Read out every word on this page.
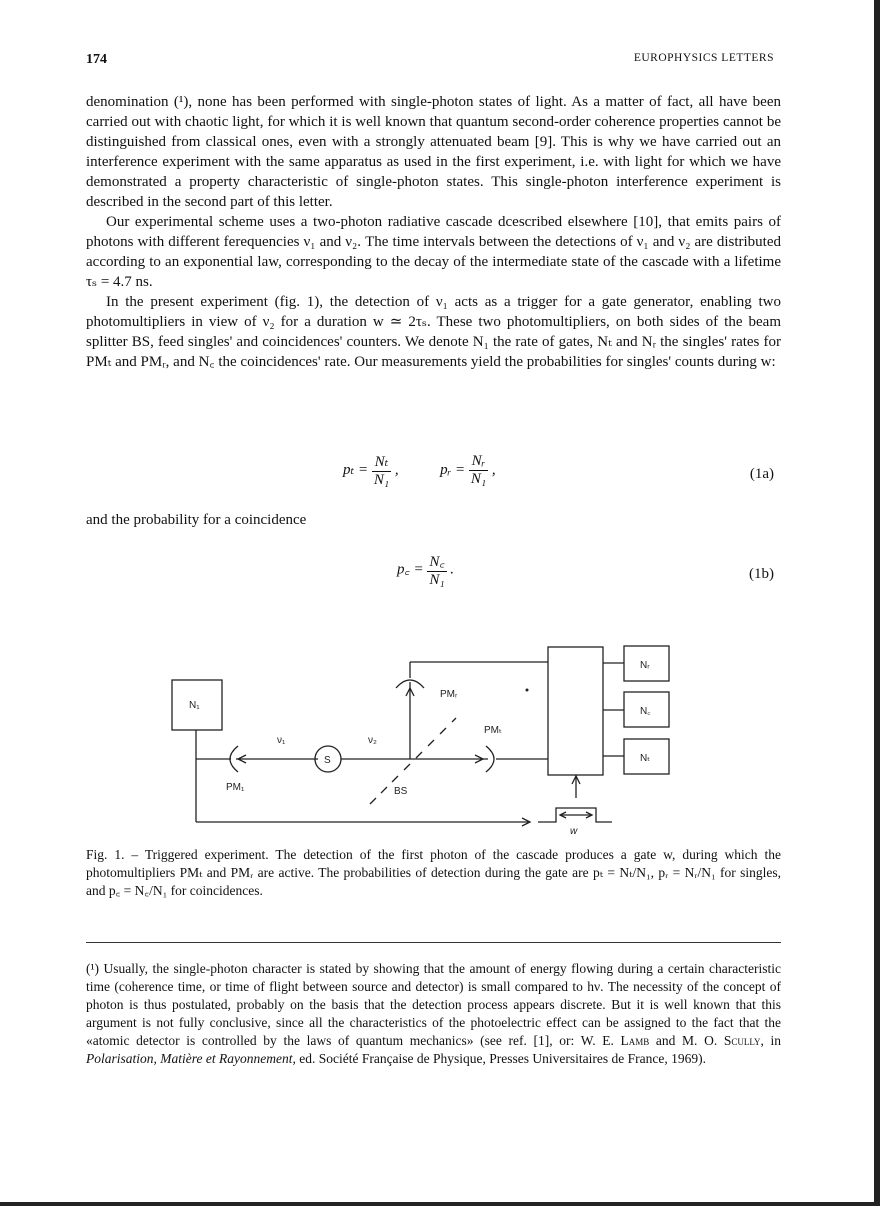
174	EUROPHYSICS LETTERS

denomination (¹), none has been performed with single-photon states of light. As a matter of fact, all have been carried out with chaotic light, for which it is well known that quantum second-order coherence properties cannot be distinguished from classical ones, even with a strongly attenuated beam [9]. This is why we have carried out an interference experiment with the same apparatus as used in the first experiment, i.e. with light for which we have demonstrated a property characteristic of single-photon states. This single-photon interference experiment is described in the second part of this letter.

Our experimental scheme uses a two-photon radiative cascade dcescribed elsewhere [10], that emits pairs of photons with different ferequencies ν₁ and ν₂. The time intervals between the detections of ν₁ and ν₂ are distributed according to an exponential law, corresponding to the decay of the intermediate state of the cascade with a lifetime τₛ = 4.7 ns.

In the present experiment (fig. 1), the detection of ν₁ acts as a trigger for a gate generator, enabling two photomultipliers in view of ν₂ for a duration w ≃ 2τₛ. These two photomultipliers, on both sides of the beam splitter BS, feed singles' and coincidences' counters. We denote N₁ the rate of gates, Nₜ and Nᵣ the singles' rates for PMₜ and PMᵣ, and N꜀ the coincidences' rate. Our measurements yield the probabilities for singles' counts during w:

$p_t = \frac{\text{Nₜ}}{\text{N₁}}$ ,	pᵣ = $\frac{\text{Nᵣ}}{\text{N₁}}$ ,	(1a)
and the probability for a coincidence
p꜀ = $\frac{N꜀}{\text{N₁}}$ .	(1b)
N₁
Nᵣ
N꜀
Nₜ
PMᵣ
PMₜ
PM₁
S
ν₁	ν₂
BS
w
Fig. 1. – Triggered experiment. The detection of the first photon of the cascade produces a gate w, during which the photomultipliers PMₜ and PMᵣ are active. The probabilities of detection during the gate are pₜ = Nₜ/N₁, pᵣ = Nᵣ/N₁ for singles, and p꜀ = N꜀/N₁ for coincidences.
(¹) Usually, the single-photon character is stated by showing that the amount of energy flowing during a certain characteristic time (coherence time, or time of flight between source and detector) is small compared to hν. The necessity of the concept of photon is thus postulated, probably on the basis that the detection process appears discrete. But it is well known that this argument is not fully conclusive, since all the characteristics of the photoelectric effect can be assigned to the fact that the «atomic detector is controlled by the laws of quantum mechanics» (see ref. [1], or: W. E. Lamb and M. O. Scully, in Polarisation, Matière et Rayonnement, ed. Société Française de Physique, Presses Universitaires de France, 1969).
